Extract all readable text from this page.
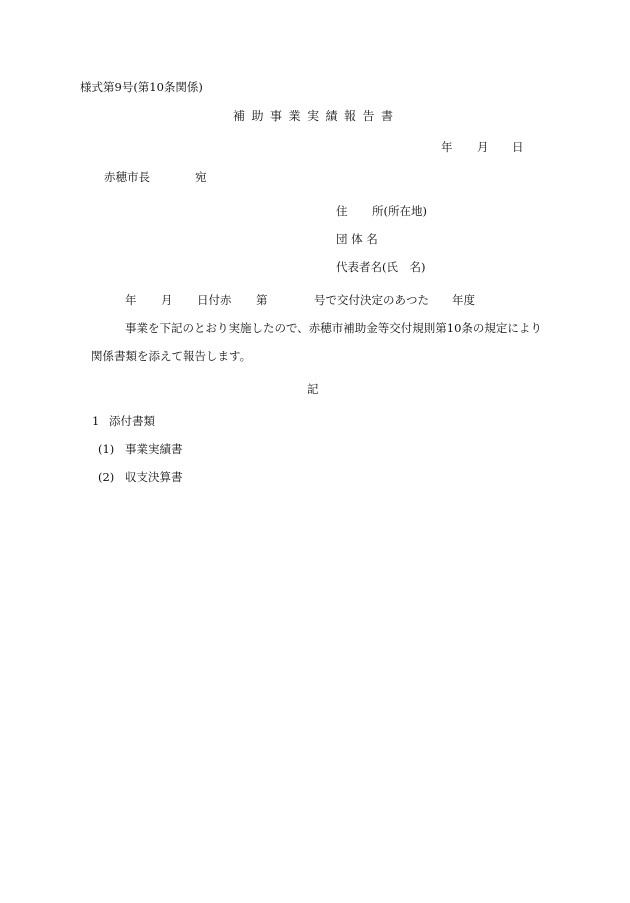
様式第9号(第10条関係)
補助事業実績報告書
年 月 日
赤穂市長	宛
住 所(所在地)
団 体 名
代表者名(氏　名)
年 月 日付赤 第	号で交付決定のあつた 年度
事業を下記のとおり実施したので、赤穂市補助金等交付規則第10条の規定により
関係書類を添えて報告します。
記
1 添付書類
(1) 事業実績書
(2) 収支決算書
